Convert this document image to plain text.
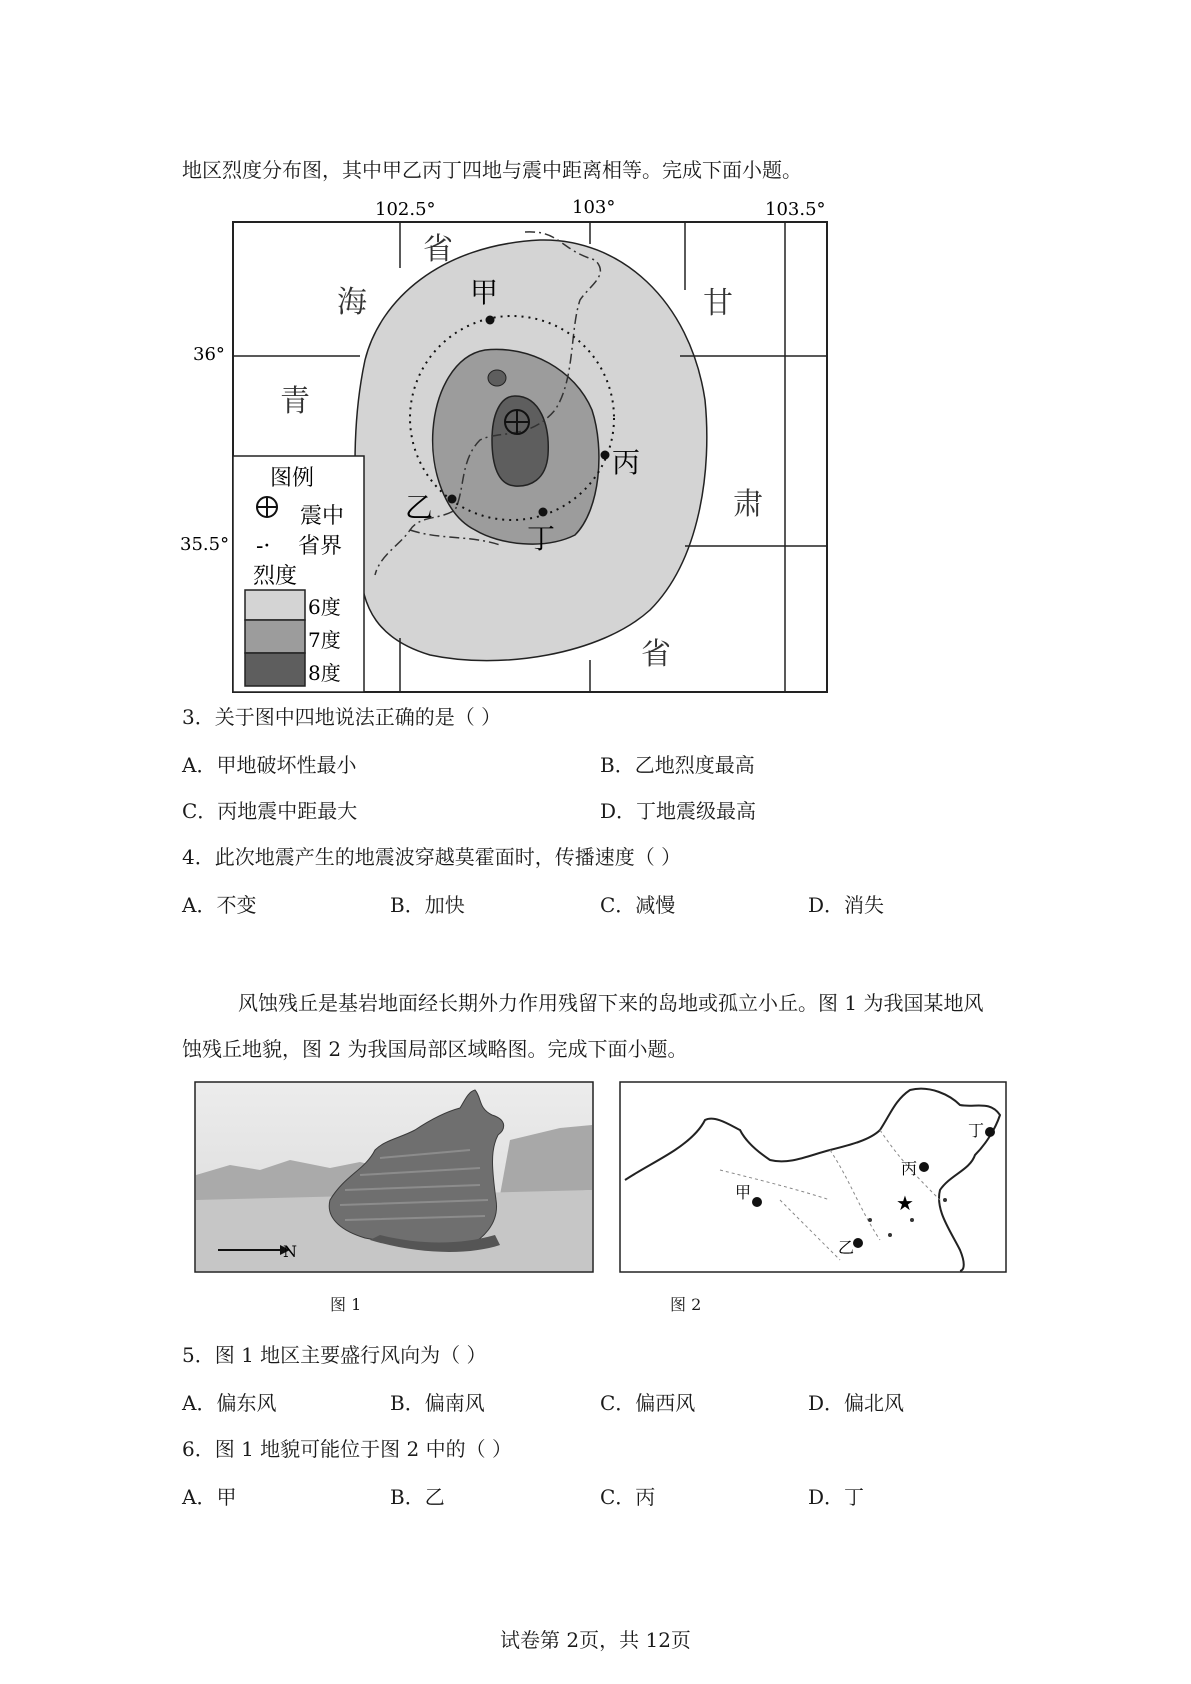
地区烈度分布图，其中甲乙丙丁四地与震中距离相等。完成下面小题。
102.5°	103°	103.5°
36°
35.5°
甲
乙
丙
丁
青
海
省
甘
肃
省
图例
震中
-· 省界
烈度
6度
7度
8度
3．关于图中四地说法正确的是（ ）
A．甲地破坏性最小	B．乙地烈度最高
C．丙地震中距最大	D．丁地震级最高
4．此次地震产生的地震波穿越莫霍面时，传播速度（ ）
A．不变	B．加快	C．减慢	D．消失
风蚀残丘是基岩地面经长期外力作用残留下来的岛地或孤立小丘。图 1 为我国某地风
蚀残丘地貌，图 2 为我国局部区域略图。完成下面小题。
N
★
甲
乙
丙
丁
图 1	图 2
5．图 1 地区主要盛行风向为（ ）
A．偏东风	B．偏南风	C．偏西风	D．偏北风
6．图 1 地貌可能位于图 2 中的（ ）
A．甲	B．乙	C．丙	D．丁
试卷第 2页，共 12页
